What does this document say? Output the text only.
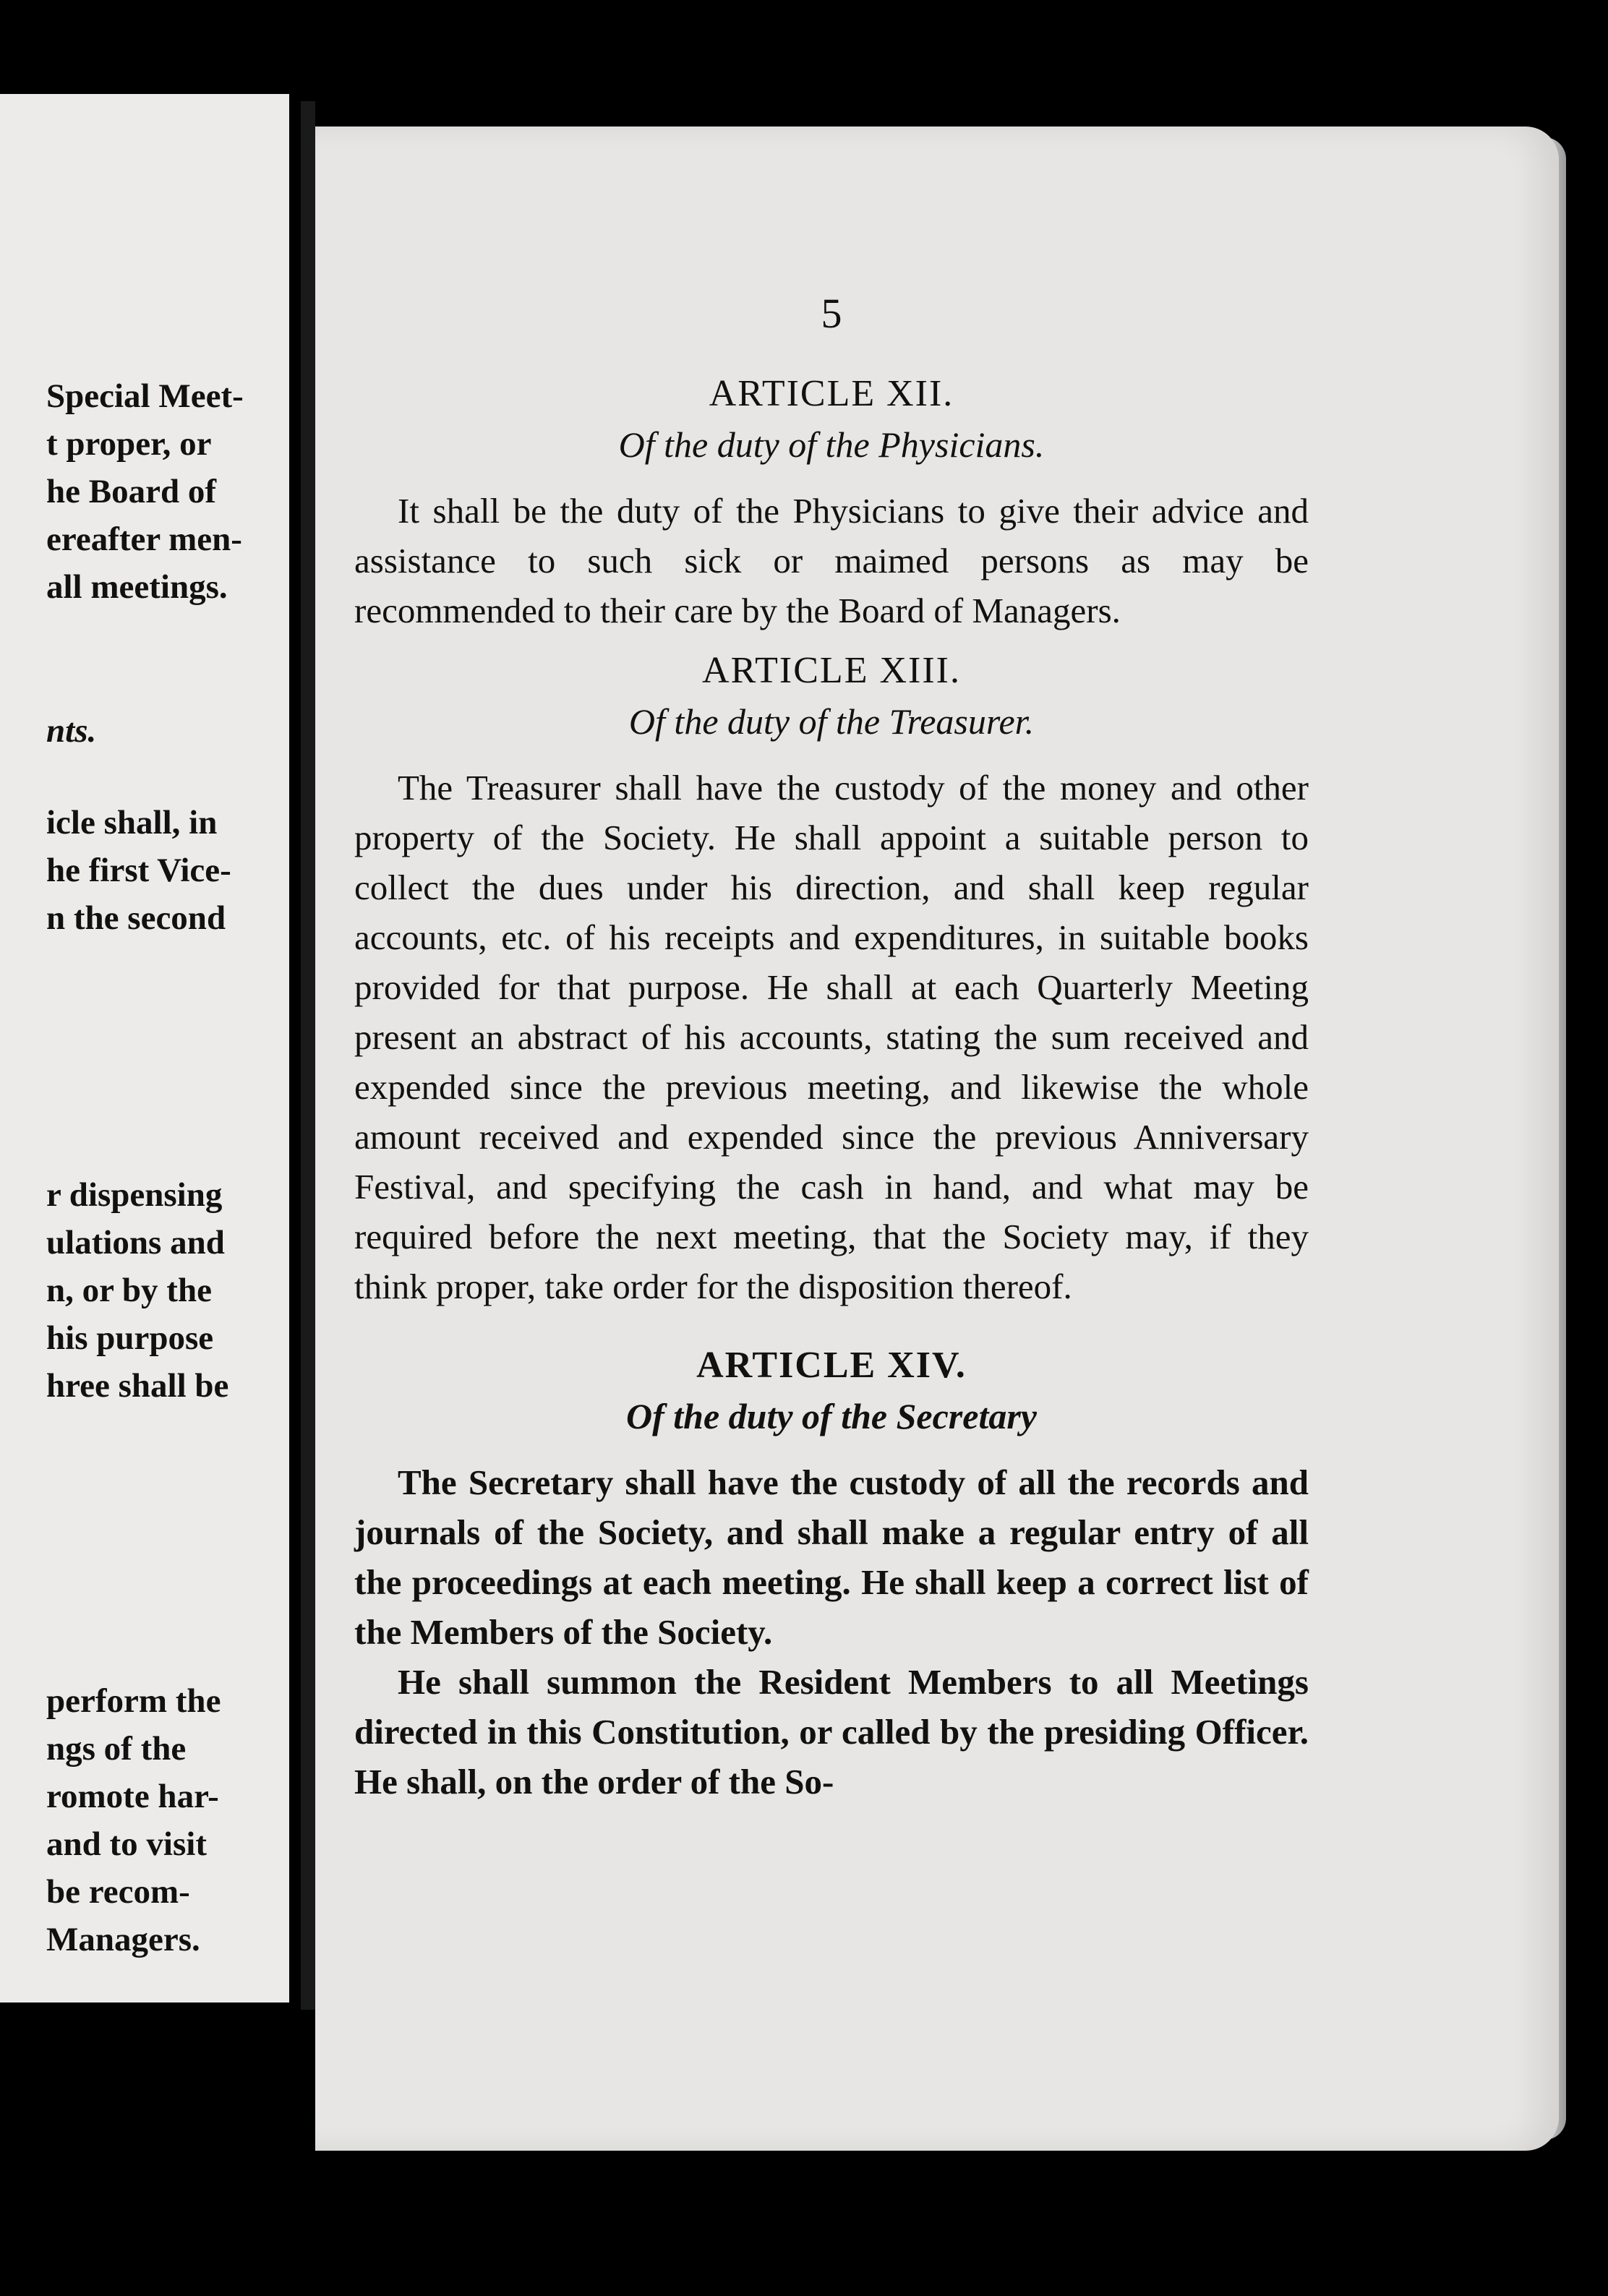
Special Meet-
t proper, or
he Board of
ereafter men-
all meetings.
nts.
icle shall, in
he first Vice-
n the second
r dispensing
ulations and
n, or by the
his purpose
hree shall be
perform the
ngs of the
romote har-
and to visit
be recom-
Managers.
5
ARTICLE XII.
Of the duty of the Physicians.

It shall be the duty of the Physicians to give their advice and assistance to such sick or maimed persons as may be recommended to their care by the Board of Managers.

ARTICLE XIII.
Of the duty of the Treasurer.

The Treasurer shall have the custody of the money and other property of the Society. He shall appoint a suitable person to collect the dues under his direction, and shall keep regular accounts, etc. of his receipts and expenditures, in suitable books provided for that purpose. He shall at each Quarterly Meeting present an abstract of his accounts, stating the sum received and expended since the previous meeting, and likewise the whole amount received and expended since the previous Anniversary Festival, and specifying the cash in hand, and what may be required before the next meeting, that the Society may, if they think proper, take order for the disposition thereof.

ARTICLE XIV.
Of the duty of the Secretary

The Secretary shall have the custody of all the records and journals of the Society, and shall make a regular entry of all the proceedings at each meeting. He shall keep a correct list of the Members of the Society.

He shall summon the Resident Members to all Meetings directed in this Constitution, or called by the presiding Officer. He shall, on the order of the So-
